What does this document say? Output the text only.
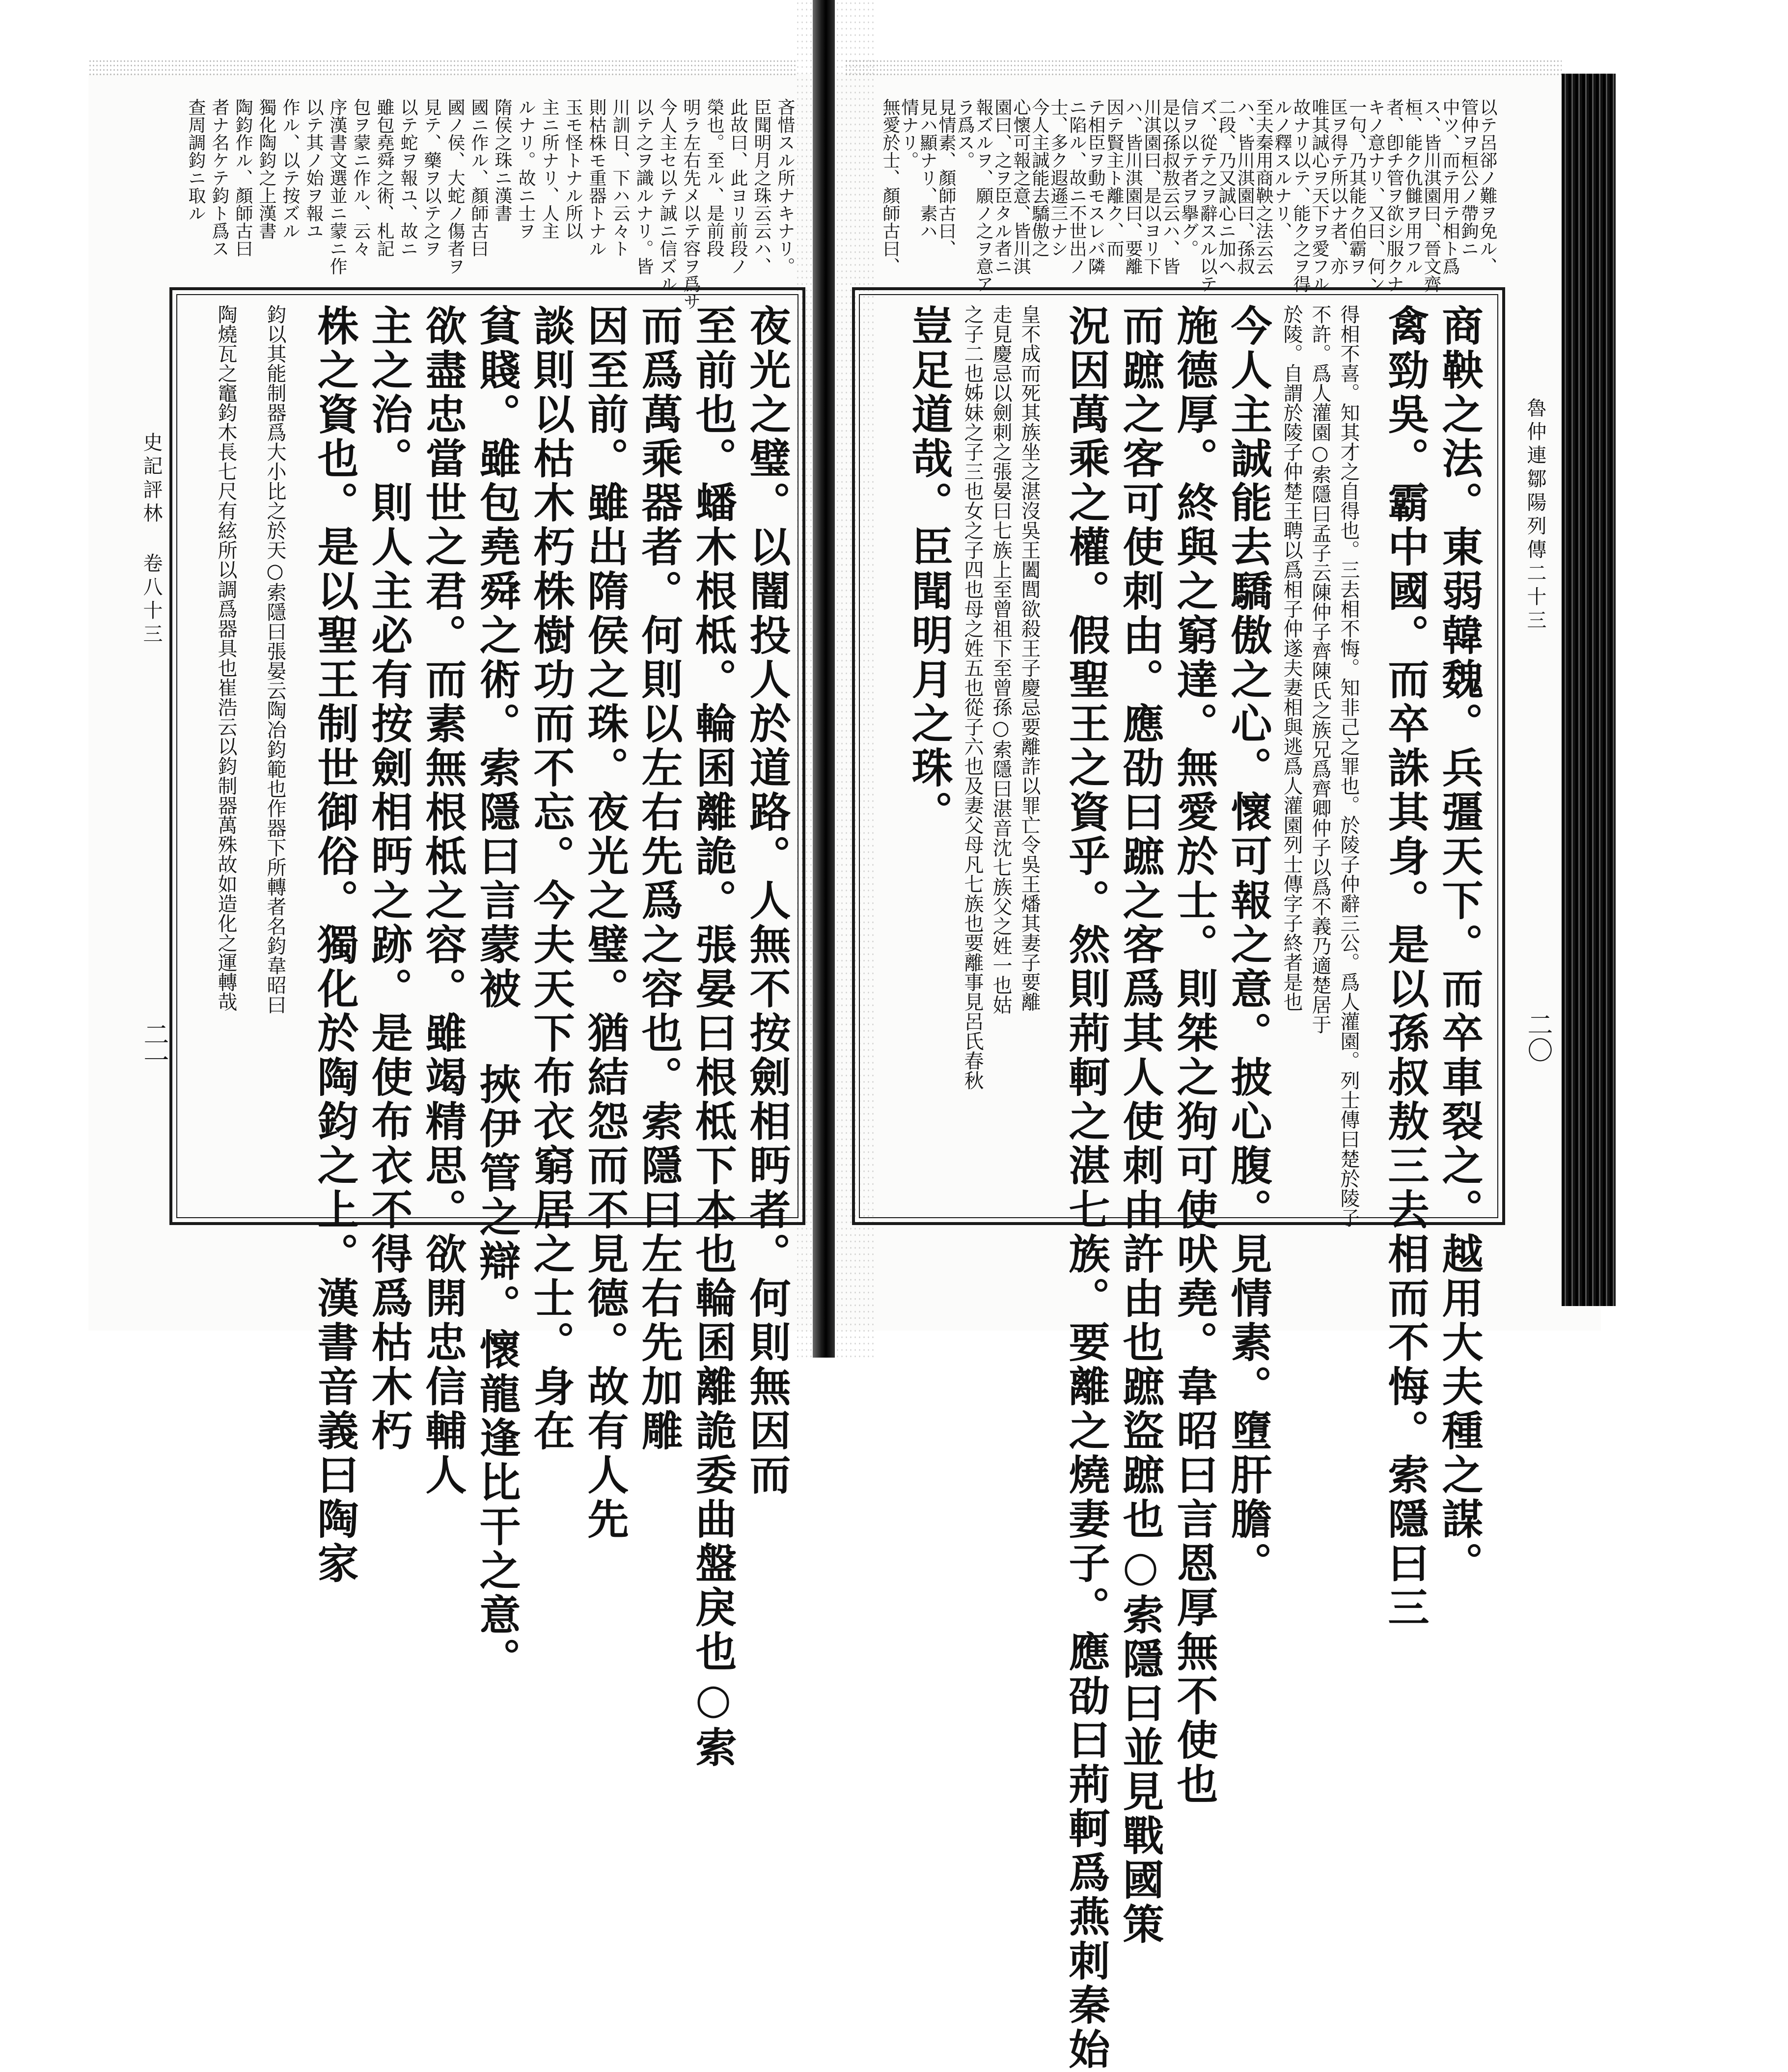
吝惜スル所ナキナリ。
臣聞明月之珠云云ハ、
此故曰、此ヨリ前段ノ
榮也。至ル、是前段
明ラ左右先メ以テ容ヲ爲サ
今人主セ以テ誠ニ信ズル
以テ之ヲ識ルナリ。皆
川訓日、下ハ云々ト
則枯株モ重器トナル
玉モ怪トナル所以
主ニ所ナリ、人主
ルナリ。故ニ士ヲ
隋侯之珠ニ漢書
國ニ作ル、顏師古曰
國ノ侯、大蛇ノ傷者ヲ
見テ、藥ヲ以テ之ヲ
以テ蛇ヲ報ユ、故ニ
雖包堯舜之術、札記
包ヲ蒙ニ作ル、云々
序漢書文選並ニ蒙ニ作
以テ其ノ始ヲ報ユ
作ル、以テ按ズル
獨化陶鈞之上漢書
陶鈞作ル、顏師古曰
者ナ名ケテ鈞ト爲ス
查周調鈞ニ取ル
夜光之璧。以闇投人於道路。人無不按劍相眄者。何則無因而
至前也。蟠木根柢。輪囷離詭。張晏曰根柢下本也輪囷離詭委曲盤戾也○索
而爲萬乘器者。何則以左右先爲之容也。索隱曰左右先加雕
因至前。雖出隋侯之珠。夜光之璧。猶結怨而不見德。故有人先
談則以枯木朽株樹功而不忘。今夫天下布衣窮居之士。身在
貧賤。雖包堯舜之術。索隱曰言蒙被 挾伊管之辯。懷龍逢比干之意。
欲盡忠當世之君。而素無根柢之容。雖竭精思。欲開忠信輔人
主之治。則人主必有按劍相眄之跡。是使布衣不得爲枯木朽
株之資也。是以聖王制世御俗。獨化於陶鈞之上。漢書音義曰陶家
鈞以其能制器爲大小比之於天○索隱曰張晏云陶冶鈞範也作器下所轉者名鈞韋昭曰
陶燒瓦之竈鈞木長七尺有絃所以調爲器具也崔浩云以鈞制器萬殊故如造化之運轉哉
史記評林 卷八十三
二一
以テ呂郤ノ難ヲ免ル、
管仲ヲ桓公ノ帶鉤ニ
中ツ、而テ用テ相ト爲
ス、皆川淇園曰、晉文齊
桓、能ク仇雠ヲ用フル
者、卽チ管ヲ欲シ服クナ
キノ意ナリ、又曰、何ン
一句、乃其能ク伯霸ヲ
匡ヲ得テ所以ナ者、亦
唯其誠心ヲ天下ヲ愛フル
故ナリ以テ、能ク之ヲ得
ルノ釋スルナリ、
至夫秦用商鞅之法云云
ハ、皆川淇園曰、孫叔
二段、乃又誠心ニ加ヘ
ズ、從テ之ヲ辭スル以テ
信ヲ以テ者ヲ擧グ。
是以孫叔敖云云ハ、皆
川淇園曰、是以ヨリ下
ハ、皆川淇園曰、要離
因テ賢主ト離ク、而
テ相臣ヲ動モスレバ隣
ニ陷ル、故ニ不世出ノ
士、多ク遐遜三ナシ
今人主誠能去驕傲之
心懷可報之意、皆川淇
園曰、之ヲ臣タル者ニ
報ズルヲ、願ノ之ヲ意ア
ラ爲ス。
見情素、顏師古曰、
見ハ顯ナリ、素ハ
情ナリ。
無愛於士、顏師古曰、
商鞅之法。東弱韓魏。兵彊天下。而卒車裂之。越用大夫種之謀。
禽勁吳。霸中國。而卒誅其身。是以孫叔敖三去相而不悔。索隱曰三
得相不喜。知其才之自得也。三去相不悔。知非己之罪也。於陵子仲辭三公。爲人灌園。列士傳曰楚於陵子
不許。爲人灌園○索隱曰孟子云陳仲子齊陳氏之族兄爲齊卿仲子以爲不義乃適楚居于
於陵。自謂於陵子仲楚王聘以爲相子仲遂夫妻相與逃爲人灌園列士傳字子終者是也
今人主誠能去驕傲之心。懷可報之意。披心腹。見情素。墮肝膽。
施德厚。終與之窮達。無愛於士。則桀之狗可使吠堯。韋昭曰言恩厚無不使也
而蹠之客可使刺由。應劭曰蹠之客爲其人使刺由許由也蹠盜蹠也○索隱曰並見戰國策
況因萬乘之權。假聖王之資乎。然則荊軻之湛七族。要離之燒妻子。應劭曰荊軻爲燕刺秦始
皇不成而死其族坐之湛沒吳王闔閭欲殺王子慶忌要離詐以罪亡令吳王燔其妻子要離
走見慶忌以劍刺之張晏曰七族上至曾祖下至曾孫○索隱曰湛音沈七族父之姓一也姑
之子二也姊妹之子三也女之子四也母之姓五也從子六也及妻父母凡七族也要離事見呂氏春秋
豈足道哉。臣聞明月之珠。	魯仲連鄒陽列傳二十三
二〇
